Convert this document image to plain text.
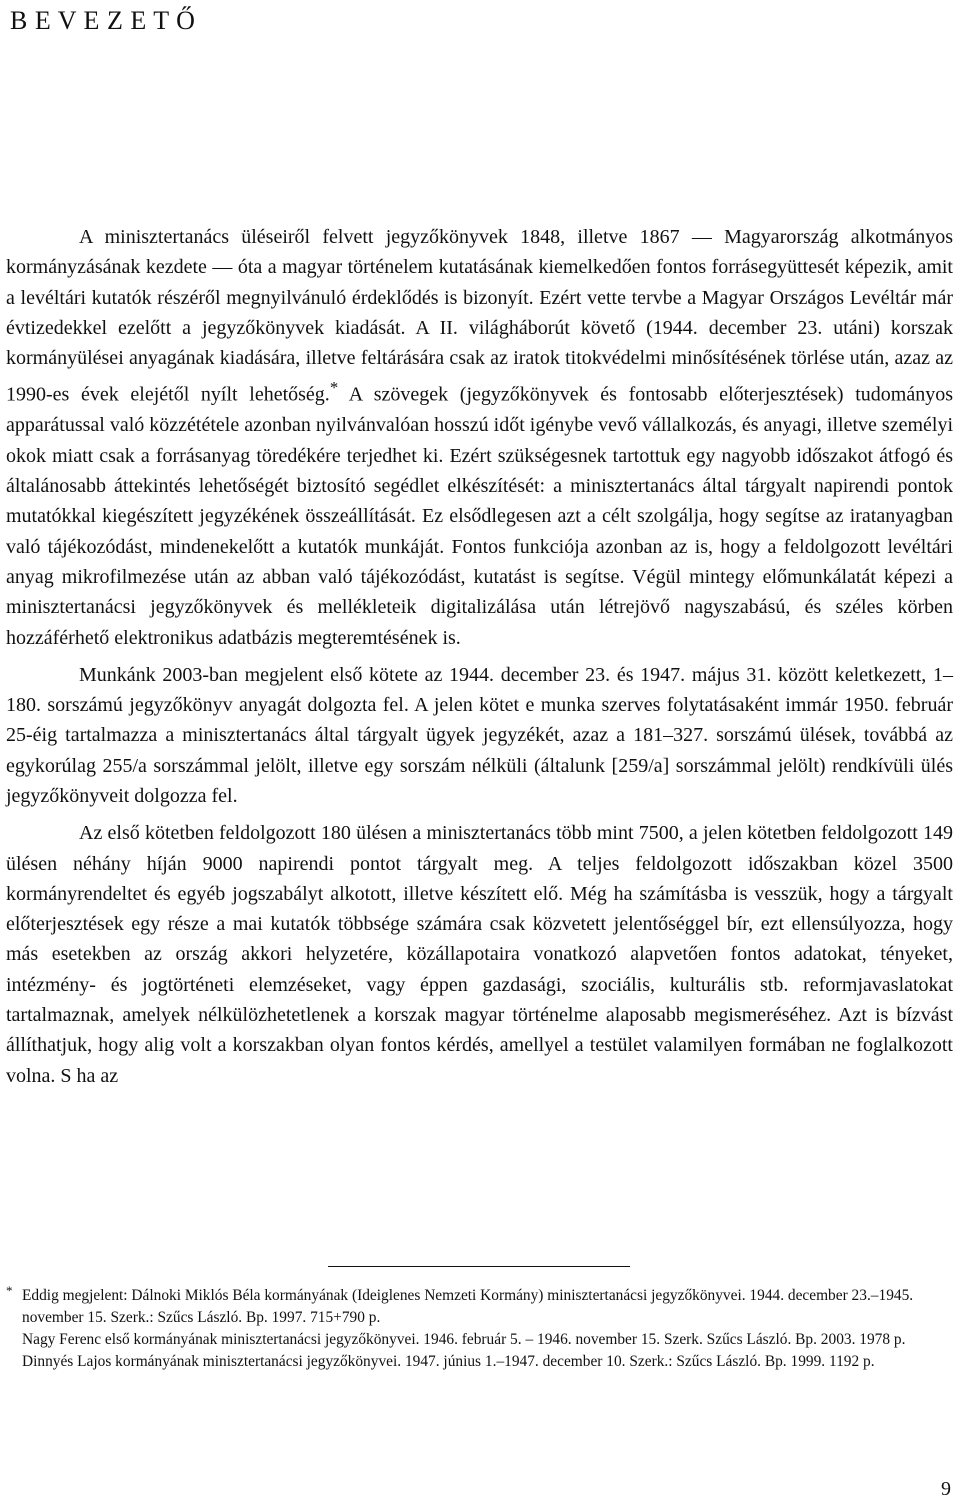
B E V E Z E T Ő

A minisztertanács üléseiről felvett jegyzőkönyvek 1848, illetve 1867 — Magyarország alkotmányos kormányzásának kezdete — óta a magyar történelem kutatásának kiemelkedően fontos forrásegyüttesét képezik, amit a levéltári kutatók részéről megnyilvánuló érdeklődés is bizonyít. Ezért vette tervbe a Magyar Országos Levéltár már évtizedekkel ezelőtt a jegyzőkönyvek kiadását. A II. világháborút követő (1944. december 23. utáni) korszak kormányülései anyagának kiadására, illetve feltárására csak az iratok titokvédelmi minősítésének törlése után, azaz az 1990-es évek elejétől nyílt lehetőség.* A szövegek (jegyzőkönyvek és fontosabb előterjesztések) tudományos apparátussal való közzététele azonban nyilvánvalóan hosszú időt igénybe vevő vállalkozás, és anyagi, illetve személyi okok miatt csak a forrásanyag töredékére terjedhet ki. Ezért szükségesnek tartottuk egy nagyobb időszakot átfogó és általánosabb áttekintés lehetőségét biztosító segédlet elkészítését: a minisztertanács által tárgyalt napirendi pontok mutatókkal kiegészített jegyzékének összeállítását. Ez elsődlegesen azt a célt szolgálja, hogy segítse az iratanyagban való tájékozódást, mindenekelőtt a kutatók munkáját. Fontos funkciója azonban az is, hogy a feldolgozott levéltári anyag mikrofilmezése után az abban való tájékozódást, kutatást is segítse. Végül mintegy előmunkálatát képezi a minisztertanácsi jegyzőkönyvek és mellékleteik digitalizálása után létrejövő nagyszabású, és széles körben hozzáférhető elektronikus adatbázis megteremtésének is.

Munkánk 2003-ban megjelent első kötete az 1944. december 23. és 1947. május 31. között keletkezett, 1–180. sorszámú jegyzőkönyv anyagát dolgozta fel. A jelen kötet e munka szerves folytatásaként immár 1950. február 25-éig tartalmazza a minisztertanács által tárgyalt ügyek jegyzékét, azaz a 181–327. sorszámú ülések, továbbá az egykorúlag 255/a sorszámmal jelölt, illetve egy sorszám nélküli (általunk [259/a] sorszámmal jelölt) rendkívüli ülés jegyzőkönyveit dolgozza fel.

Az első kötetben feldolgozott 180 ülésen a minisztertanács több mint 7500, a jelen kötetben feldolgozott 149 ülésen néhány híján 9000 napirendi pontot tárgyalt meg. A teljes feldolgozott időszakban közel 3500 kormányrendeltet és egyéb jogszabályt alkotott, illetve készített elő. Még ha számításba is vesszük, hogy a tárgyalt előterjesztések egy része a mai kutatók többsége számára csak közvetett jelentőséggel bír, ezt ellensúlyozza, hogy más esetekben az ország akkori helyzetére, közállapotaira vonatkozó alapvetően fontos adatokat, tényeket, intézmény- és jogtörténeti elemzéseket, vagy éppen gazdasági, szociális, kulturális stb. reformjavaslatokat tartalmaznak, amelyek nélkülözhetetlenek a korszak magyar történelme alaposabb megismeréséhez. Azt is bízvást állíthatjuk, hogy alig volt a korszakban olyan fontos kérdés, amellyel a testület valamilyen formában ne foglalkozott volna. S ha az

* Eddig megjelent: Dálnoki Miklós Béla kormányának (Ideiglenes Nemzeti Kormány) minisztertanácsi jegyzőkönyvei. 1944. december 23.–1945. november 15. Szerk.: Szűcs László. Bp. 1997. 715+790 p.

Nagy Ferenc első kormányának minisztertanácsi jegyzőkönyvei. 1946. február 5. – 1946. november 15. Szerk. Szűcs László. Bp. 2003. 1978 p.

Dinnyés Lajos kormányának minisztertanácsi jegyzőkönyvei. 1947. június 1.–1947. december 10. Szerk.: Szűcs László. Bp. 1999. 1192 p.

9
